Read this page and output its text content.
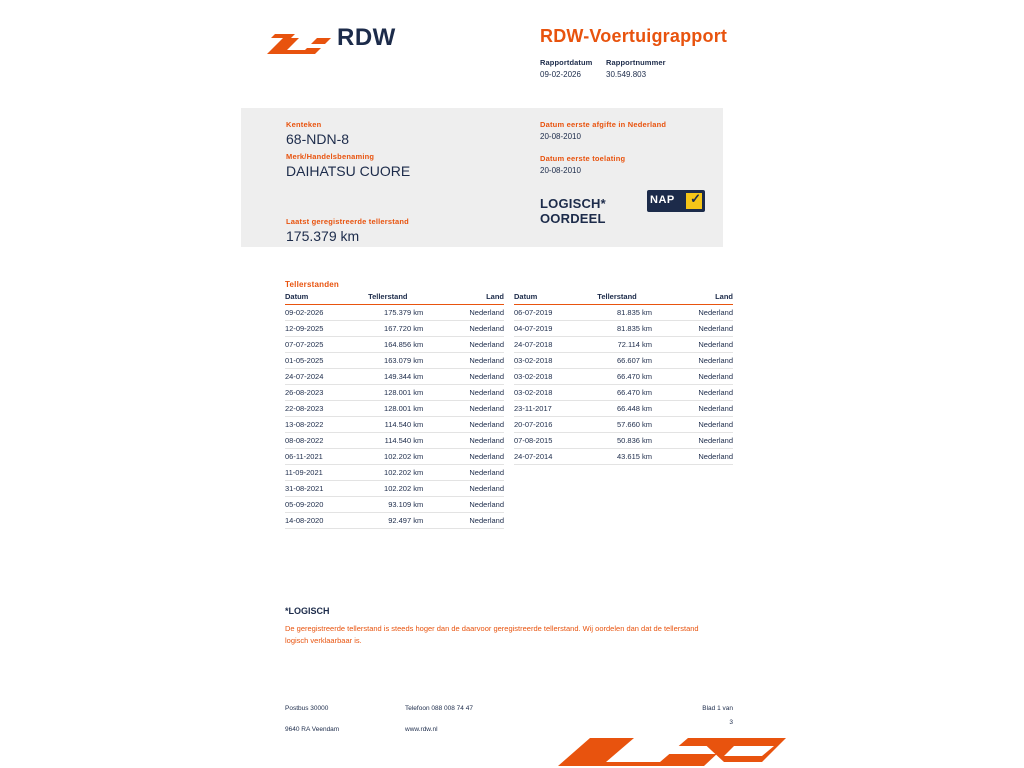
RDW	RDW-Voertuigrapport
Rapportdatum
09-02-2026
Rapportnummer
30.549.803
Kenteken
68-NDN-8
Merk/Handelsbenaming
DAIHATSU CUORE
Laatst geregistreerde tellerstand
175.379 km
Datum eerste afgifte in Nederland
20-08-2010
Datum eerste toelating
20-08-2010
LOGISCH*
OORDEEL
NAP ✓
Tellerstanden
Datum	Tellerstand	Land
09-02-2026	175.379 km	Nederland
12-09-2025	167.720 km	Nederland
07-07-2025	164.856 km	Nederland
01-05-2025	163.079 km	Nederland
24-07-2024	149.344 km	Nederland
26-08-2023	128.001 km	Nederland
22-08-2023	128.001 km	Nederland
13-08-2022	114.540 km	Nederland
08-08-2022	114.540 km	Nederland
06-11-2021	102.202 km	Nederland
11-09-2021	102.202 km	Nederland
31-08-2021	102.202 km	Nederland
05-09-2020	93.109 km	Nederland
14-08-2020	92.497 km	Nederland
Datum	Tellerstand	Land
06-07-2019	81.835 km	Nederland
04-07-2019	81.835 km	Nederland
24-07-2018	72.114 km	Nederland
03-02-2018	66.607 km	Nederland
03-02-2018	66.470 km	Nederland
03-02-2018	66.470 km	Nederland
23-11-2017	66.448 km	Nederland
20-07-2016	57.660 km	Nederland
07-08-2015	50.836 km	Nederland
24-07-2014	43.615 km	Nederland
*LOGISCH
De geregistreerde tellerstand is steeds hoger dan de daarvoor geregistreerde tellerstand. Wij oordelen dan dat de tellerstand logisch verklaarbaar is.
Postbus 30000
9640 RA Veendam
Telefoon 088 008 74 47
www.rdw.nl
Blad 1 van 3
